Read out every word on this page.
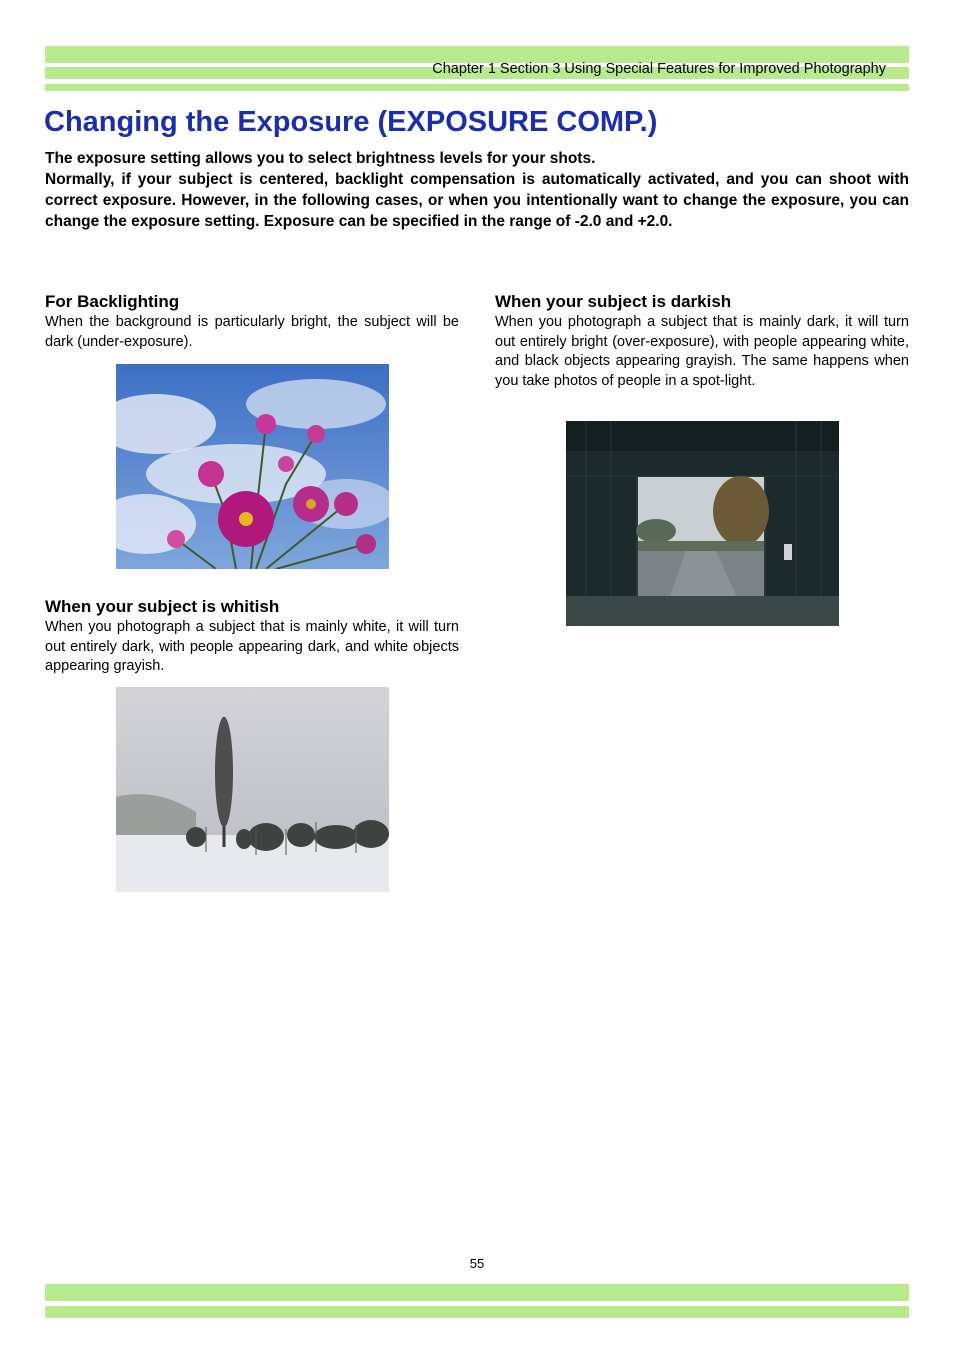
Chapter 1 Section 3 Using Special Features for Improved Photography
Changing the Exposure (EXPOSURE COMP.)

The exposure setting allows you to select brightness levels for your shots.

Normally, if your subject is centered, backlight compensation is automatically activated, and you can shoot with correct exposure. However, in the following cases, or when you intentionally want to change the exposure, you can change the exposure setting. Exposure can be specified in the range of -2.0 and +2.0.

For Backlighting

When the background is particularly bright, the subject will be dark (under-exposure).

When your subject is whitish

When you photograph a subject that is mainly white, it will turn out entirely dark, with people appearing dark, and white objects appearing grayish.

When your subject is darkish

When you photograph a subject that is mainly dark, it will turn out entirely bright (over-exposure), with people appearing white, and black objects appearing grayish. The same happens when you take photos of people in a spot-light.

55
